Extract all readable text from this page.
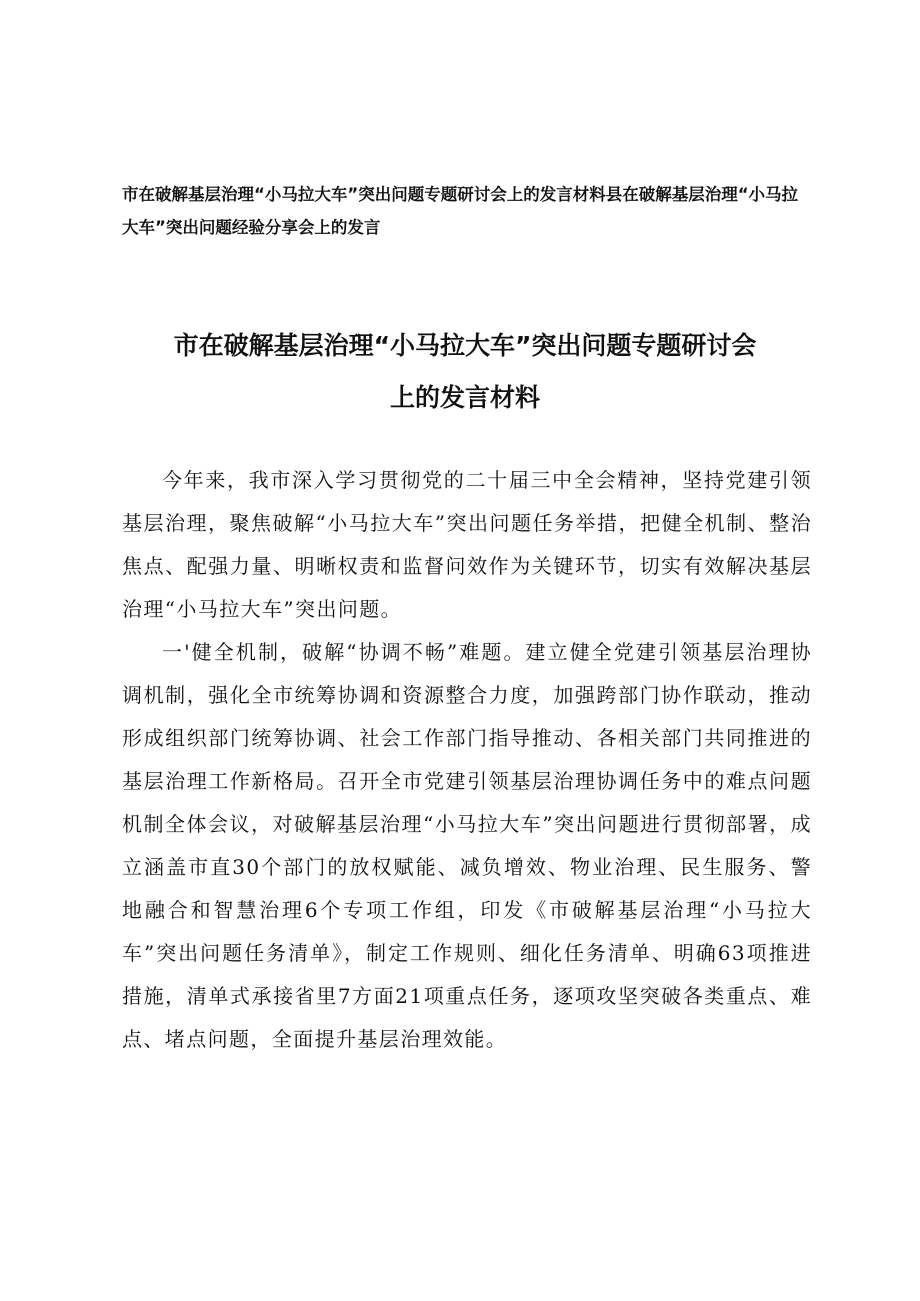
市在破解基层治理“小马拉大车”突出问题专题研讨会上的发言材料县在破解基层治理“小马拉大车”突出问题经验分享会上的发言
市在破解基层治理“小马拉大车”突出问题专题研讨会
上的发言材料

今年来，我市深入学习贯彻党的二十届三中全会精神，坚持党建引领基层治理，聚焦破解“小马拉大车”突出问题任务举措，把健全机制、整治焦点、配强力量、明晰权责和监督问效作为关键环节，切实有效解决基层治理“小马拉大车”突出问题。

一'健全机制，破解“协调不畅”难题。建立健全党建引领基层治理协调机制，强化全市统筹协调和资源整合力度，加强跨部门协作联动，推动形成组织部门统筹协调、社会工作部门指导推动、各相关部门共同推进的基层治理工作新格局。召开全市党建引领基层治理协调任务中的难点问题机制全体会议，对破解基层治理“小马拉大车”突出问题进行贯彻部署，成立涵盖市直30个部门的放权赋能、减负增效、物业治理、民生服务、警地融合和智慧治理6个专项工作组，印发《市破解基层治理“小马拉大车”突出问题任务清单》，制定工作规则、细化任务清单、明确63项推进措施，清单式承接省里7方面21项重点任务，逐项攻坚突破各类重点、难点、堵点问题，全面提升基层治理效能。
